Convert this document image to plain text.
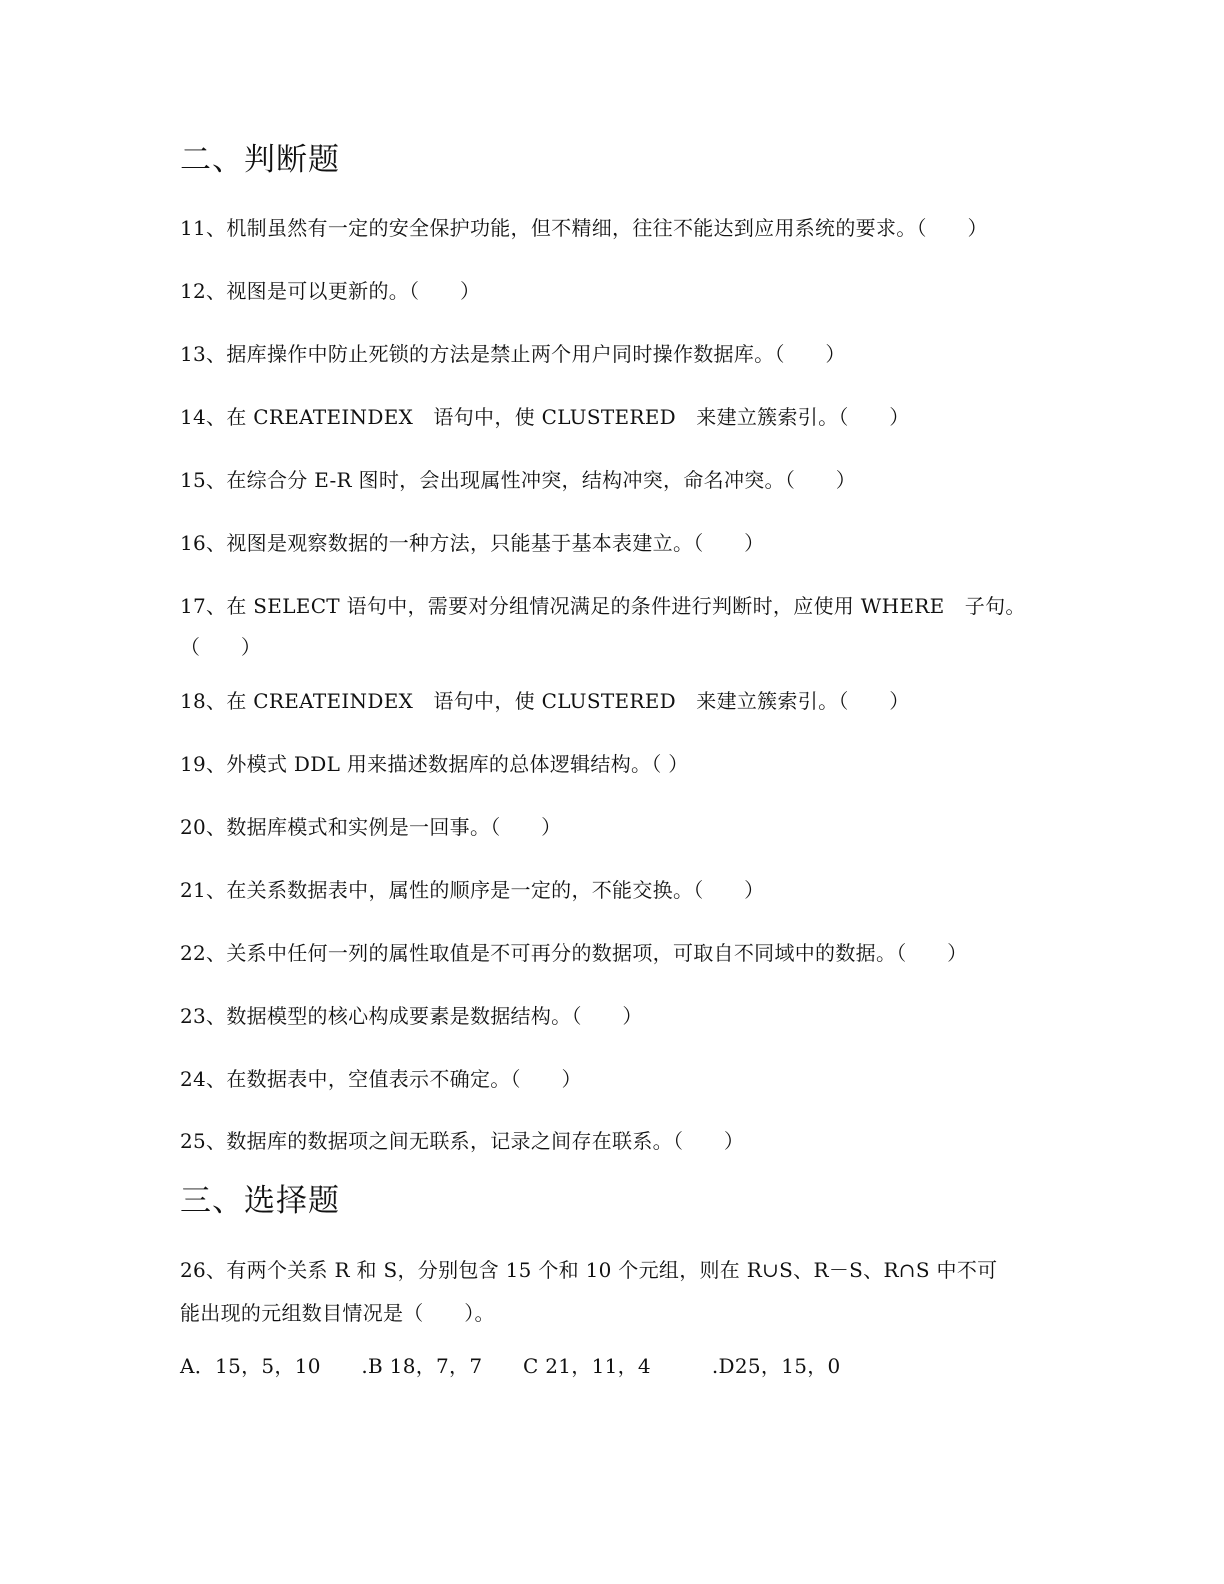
二、判断题
11、机制虽然有一定的安全保护功能，但不精细，往往不能达到应用系统的要求。（　　）
12、视图是可以更新的。（　　）
13、据库操作中防止死锁的方法是禁止两个用户同时操作数据库。（　　）
14、在 CREATEINDEX　语句中，使 CLUSTERED　来建立簇索引。（　　）
15、在综合分 E-R 图时，会出现属性冲突，结构冲突，命名冲突。（　　）
16、视图是观察数据的一种方法，只能基于基本表建立。（　　）
17、在 SELECT 语句中，需要对分组情况满足的条件进行判断时，应使用 WHERE　子句。
（　　）
18、在 CREATEINDEX　语句中，使 CLUSTERED　来建立簇索引。（　　）
19、外模式 DDL 用来描述数据库的总体逻辑结构。（ ）
20、数据库模式和实例是一回事。（　　）
21、在关系数据表中，属性的顺序是一定的，不能交换。（　　）
22、关系中任何一列的属性取值是不可再分的数据项，可取自不同域中的数据。（　　）
23、数据模型的核心构成要素是数据结构。（　　）
24、在数据表中，空值表示不确定。（　　）
25、数据库的数据项之间无联系，记录之间存在联系。（　　）
三、选择题
26、有两个关系 R 和 S，分别包含 15 个和 10 个元组，则在 R∪S、R－S、R∩S 中不可
能出现的元组数目情况是（　　）。
A．15，5，10　　.B 18，7，7　　C 21，11，4　　　.D25，15，0
